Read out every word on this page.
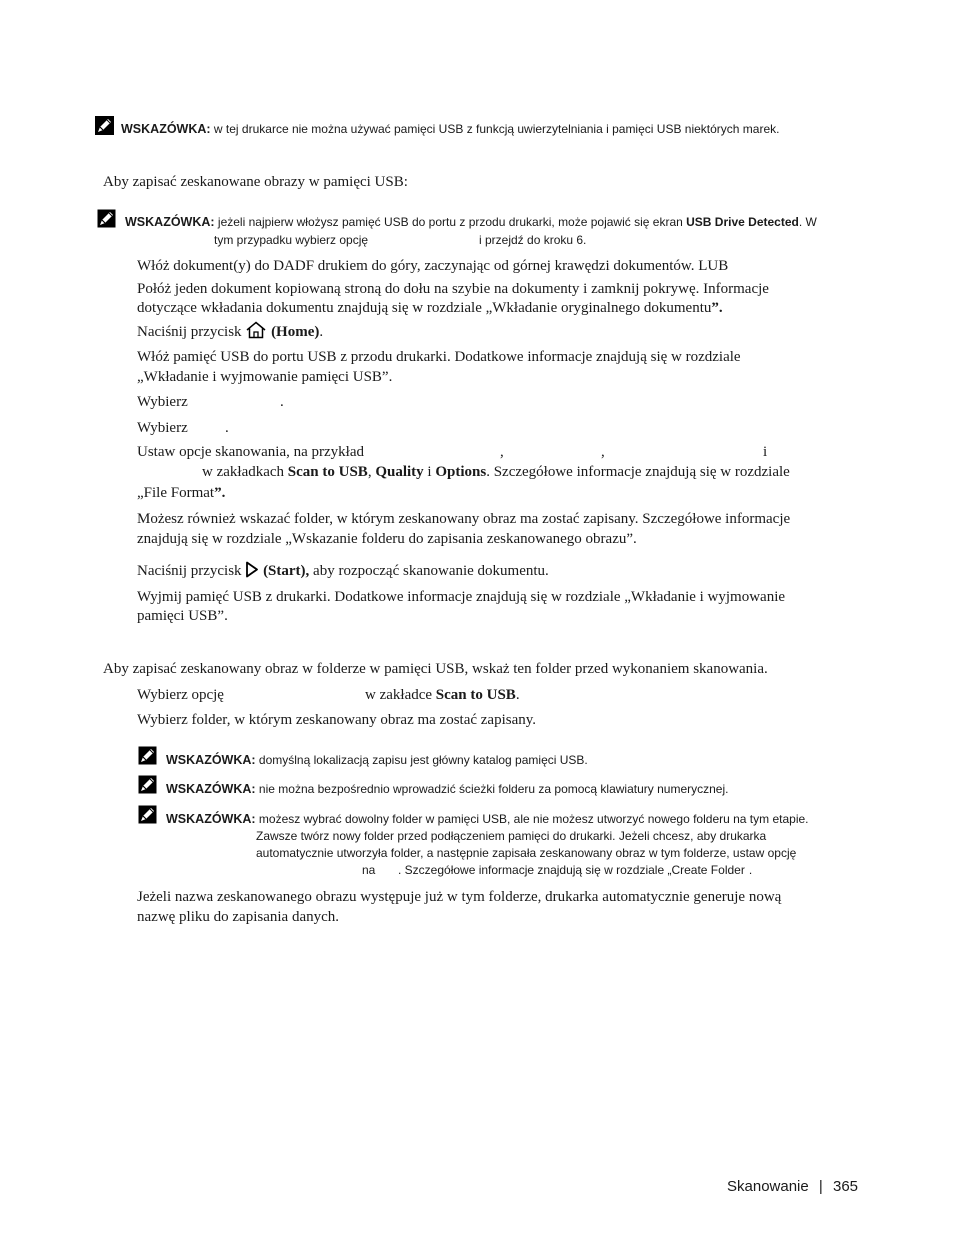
WSKAZÓWKA: w tej drukarce nie można używać pamięci USB z funkcją uwierzytelniania i pamięci USB niektórych marek.
Aby zapisać zeskanowane obrazy w pamięci USB:
WSKAZÓWKA: jeżeli najpierw włożysz pamięć USB do portu z przodu drukarki, może pojawić się ekran USB Drive Detected. W
tym przypadku wybierz opcję	i przejdź do kroku 6.
Włóż dokument(y) do DADF drukiem do góry, zaczynając od górnej krawędzi dokumentów. LUB
Połóż jeden dokument kopiowaną stroną do dołu na szybie na dokumenty i zamknij pokrywę. Informacje
dotyczące wkładania dokumentu znajdują się w rozdziale „Wkładanie oryginalnego dokumentu”.
Naciśnij przycisk (Home).
Włóż pamięć USB do portu USB z przodu drukarki. Dodatkowe informacje znajdują się w rozdziale
„Wkładanie i wyjmowanie pamięci USB”.
Wybierz	.
Wybierz .
Ustaw opcje skanowania, na przykład	,	,	i
w zakładkach Scan to USB, Quality i Options. Szczegółowe informacje znajdują się w rozdziale
„File Format”.
Możesz również wskazać folder, w którym zeskanowany obraz ma zostać zapisany. Szczegółowe informacje
znajdują się w rozdziale „Wskazanie folderu do zapisania zeskanowanego obrazu”.
Naciśnij przycisk (Start), aby rozpocząć skanowanie dokumentu.
Wyjmij pamięć USB z drukarki. Dodatkowe informacje znajdują się w rozdziale „Wkładanie i wyjmowanie
pamięci USB”.
Aby zapisać zeskanowany obraz w folderze w pamięci USB, wskaż ten folder przed wykonaniem skanowania.
Wybierz opcję	w zakładce Scan to USB.
Wybierz folder, w którym zeskanowany obraz ma zostać zapisany.
WSKAZÓWKA: domyślną lokalizacją zapisu jest główny katalog pamięci USB.
WSKAZÓWKA: nie można bezpośrednio wprowadzić ścieżki folderu za pomocą klawiatury numerycznej.
WSKAZÓWKA: możesz wybrać dowolny folder w pamięci USB, ale nie możesz utworzyć nowego folderu na tym etapie.
Zawsze twórz nowy folder przed podłączeniem pamięci do drukarki. Jeżeli chcesz, aby drukarka
automatycznie utworzyła folder, a następnie zapisała zeskanowany obraz w tym folderze, ustaw opcję
na . Szczegółowe informacje znajdują się w rozdziale „Create Folder .
Jeżeli nazwa zeskanowanego obrazu występuje już w tym folderze, drukarka automatycznie generuje nową
nazwę pliku do zapisania danych.
Skanowanie | 365
